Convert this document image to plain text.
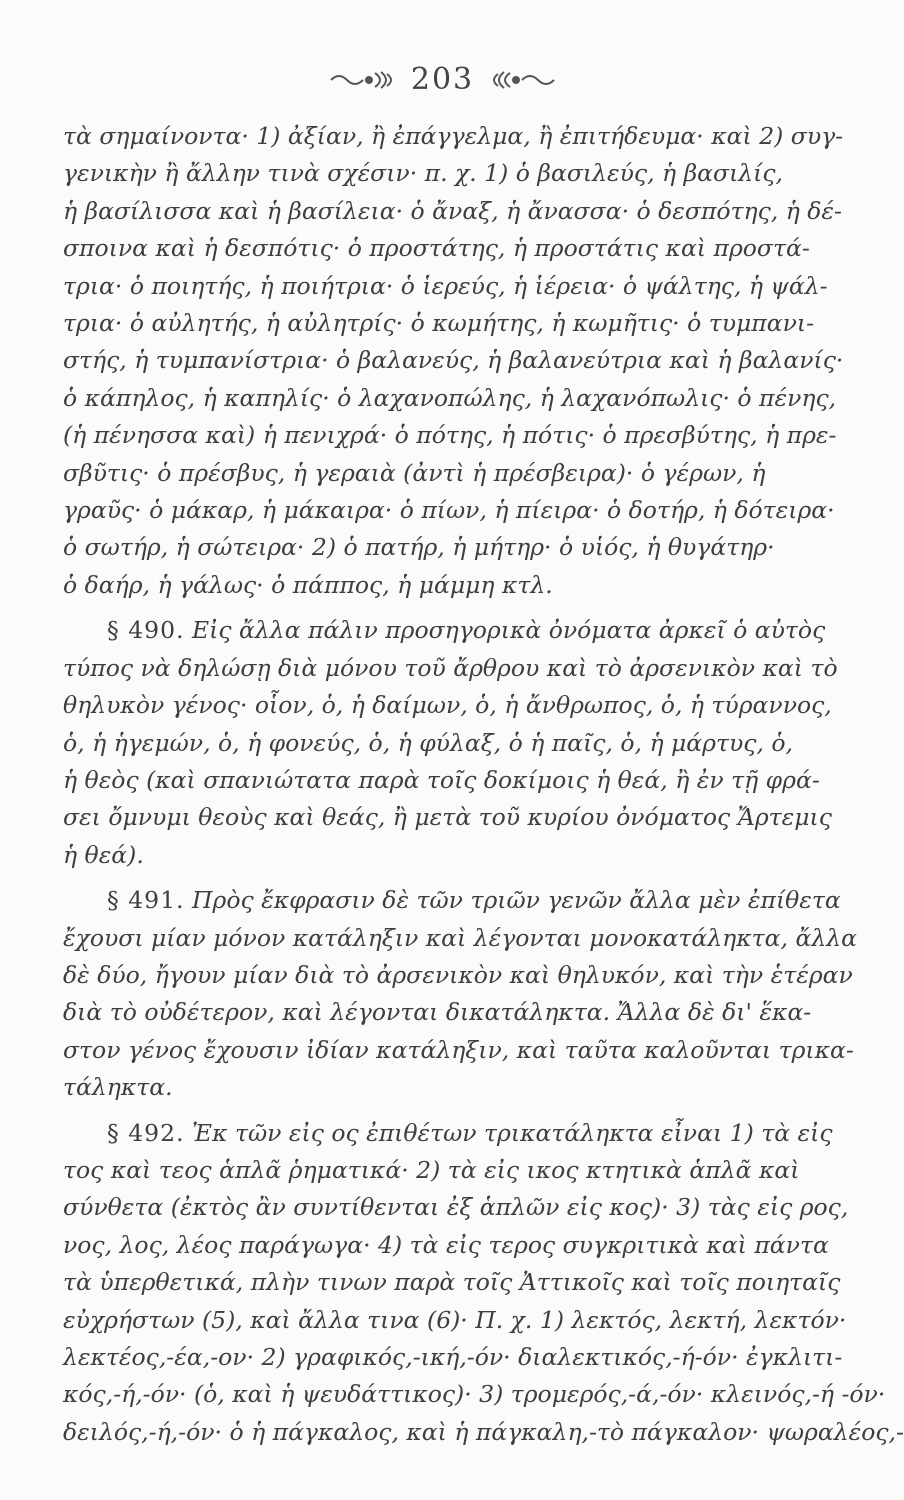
203

τὰ σημαίνοντα· 1) ἀξίαν, ἢ ἐπάγγελμα, ἢ ἐπιτήδευμα· καὶ 2) συγ-
γενικὴν ἢ ἄλλην τινὰ σχέσιν· π. χ. 1) ὁ βασιλεύς, ἡ βασιλίς,
ἡ βασίλισσα καὶ ἡ βασίλεια· ὁ ἄναξ, ἡ ἄνασσα· ὁ δεσπότης, ἡ δέ-
σποινα καὶ ἡ δεσπότις· ὁ προστάτης, ἡ προστάτις καὶ προστά-
τρια· ὁ ποιητής, ἡ ποιήτρια· ὁ ἱερεύς, ἡ ἱέρεια· ὁ ψάλτης, ἡ ψάλ-
τρια· ὁ αὐλητής, ἡ αὐλητρίς· ὁ κωμήτης, ἡ κωμῆτις· ὁ τυμπανι-
στής, ἡ τυμπανίστρια· ὁ βαλανεύς, ἡ βαλανεύτρια καὶ ἡ βαλανίς·
ὁ κάπηλος, ἡ καπηλίς· ὁ λαχανοπώλης, ἡ λαχανόπωλις· ὁ πένης,
(ἡ πένησσα καὶ) ἡ πενιχρά· ὁ πότης, ἡ πότις· ὁ πρεσβύτης, ἡ πρε-
σβῦτις· ὁ πρέσβυς, ἡ γεραιὰ (ἀντὶ ἡ πρέσβειρα)· ὁ γέρων, ἡ
γραῦς· ὁ μάκαρ, ἡ μάκαιρα· ὁ πίων, ἡ πίειρα· ὁ δοτήρ, ἡ δότειρα·
ὁ σωτήρ, ἡ σώτειρα· 2) ὁ πατήρ, ἡ μήτηρ· ὁ υἱός, ἡ θυγάτηρ·
ὁ δαήρ, ἡ γάλως· ὁ πάππος, ἡ μάμμη κτλ.

§ 490. Εἰς ἄλλα πάλιν προσηγορικὰ ὀνόματα ἀρκεῖ ὁ αὐτὸς
τύπος νὰ δηλώσῃ διὰ μόνου τοῦ ἄρθρου καὶ τὸ ἀρσενικὸν καὶ τὸ
θηλυκὸν γένος· οἷον, ὁ, ἡ δαίμων, ὁ, ἡ ἄνθρωπος, ὁ, ἡ τύραννος,
ὁ, ἡ ἡγεμών, ὁ, ἡ φονεύς, ὁ, ἡ φύλαξ, ὁ ἡ παῖς, ὁ, ἡ μάρτυς, ὁ,
ἡ θεὸς (καὶ σπανιώτατα παρὰ τοῖς δοκίμοις ἡ θεά, ἢ ἐν τῇ φρά-
σει ὄμνυμι θεοὺς καὶ θεάς, ἢ μετὰ τοῦ κυρίου ὀνόματος Ἄρτεμις
ἡ θεά).

§ 491. Πρὸς ἔκφρασιν δὲ τῶν τριῶν γενῶν ἄλλα μὲν ἐπίθετα
ἔχουσι μίαν μόνον κατάληξιν καὶ λέγονται μονοκατάληκτα, ἄλλα
δὲ δύο, ἤγουν μίαν διὰ τὸ ἀρσενικὸν καὶ θηλυκόν, καὶ τὴν ἑτέραν
διὰ τὸ οὐδέτερον, καὶ λέγονται δικατάληκτα. Ἄλλα δὲ δι' ἕκα-
στον γένος ἔχουσιν ἰδίαν κατάληξιν, καὶ ταῦτα καλοῦνται τρικα-
τάληκτα.

§ 492. Ἐκ τῶν εἰς ος ἐπιθέτων τρικατάληκτα εἶναι 1) τὰ εἰς
τος καὶ τεος ἁπλᾶ ῥηματικά· 2) τὰ εἰς ικος κτητικὰ ἁπλᾶ καὶ
σύνθετα (ἐκτὸς ἂν συντίθενται ἐξ ἁπλῶν εἰς κος)· 3) τὰς εἰς ρος,
νος, λος, λέος παράγωγα· 4) τὰ εἰς τερος συγκριτικὰ καὶ πάντα
τὰ ὑπερθετικά, πλὴν τινων παρὰ τοῖς Ἀττικοῖς καὶ τοῖς ποιηταῖς
εὐχρήστων (5), καὶ ἄλλα τινα (6)· Π. χ. 1) λεκτός, λεκτή, λεκτόν·
λεκτέος,-έα,-ον· 2) γραφικός,-ική,-όν· διαλεκτικός,-ή-όν· ἐγκλιτι-
κός,-ή,-όν· (ὁ, καὶ ἡ ψευδάττικος)· 3) τρομερός,-ά,-όν· κλεινός,-ή -όν·
δειλός,-ή,-όν· ὁ ἡ πάγκαλος, καὶ ἡ πάγκαλη,-τὸ πάγκαλον· ψωραλέος,-
